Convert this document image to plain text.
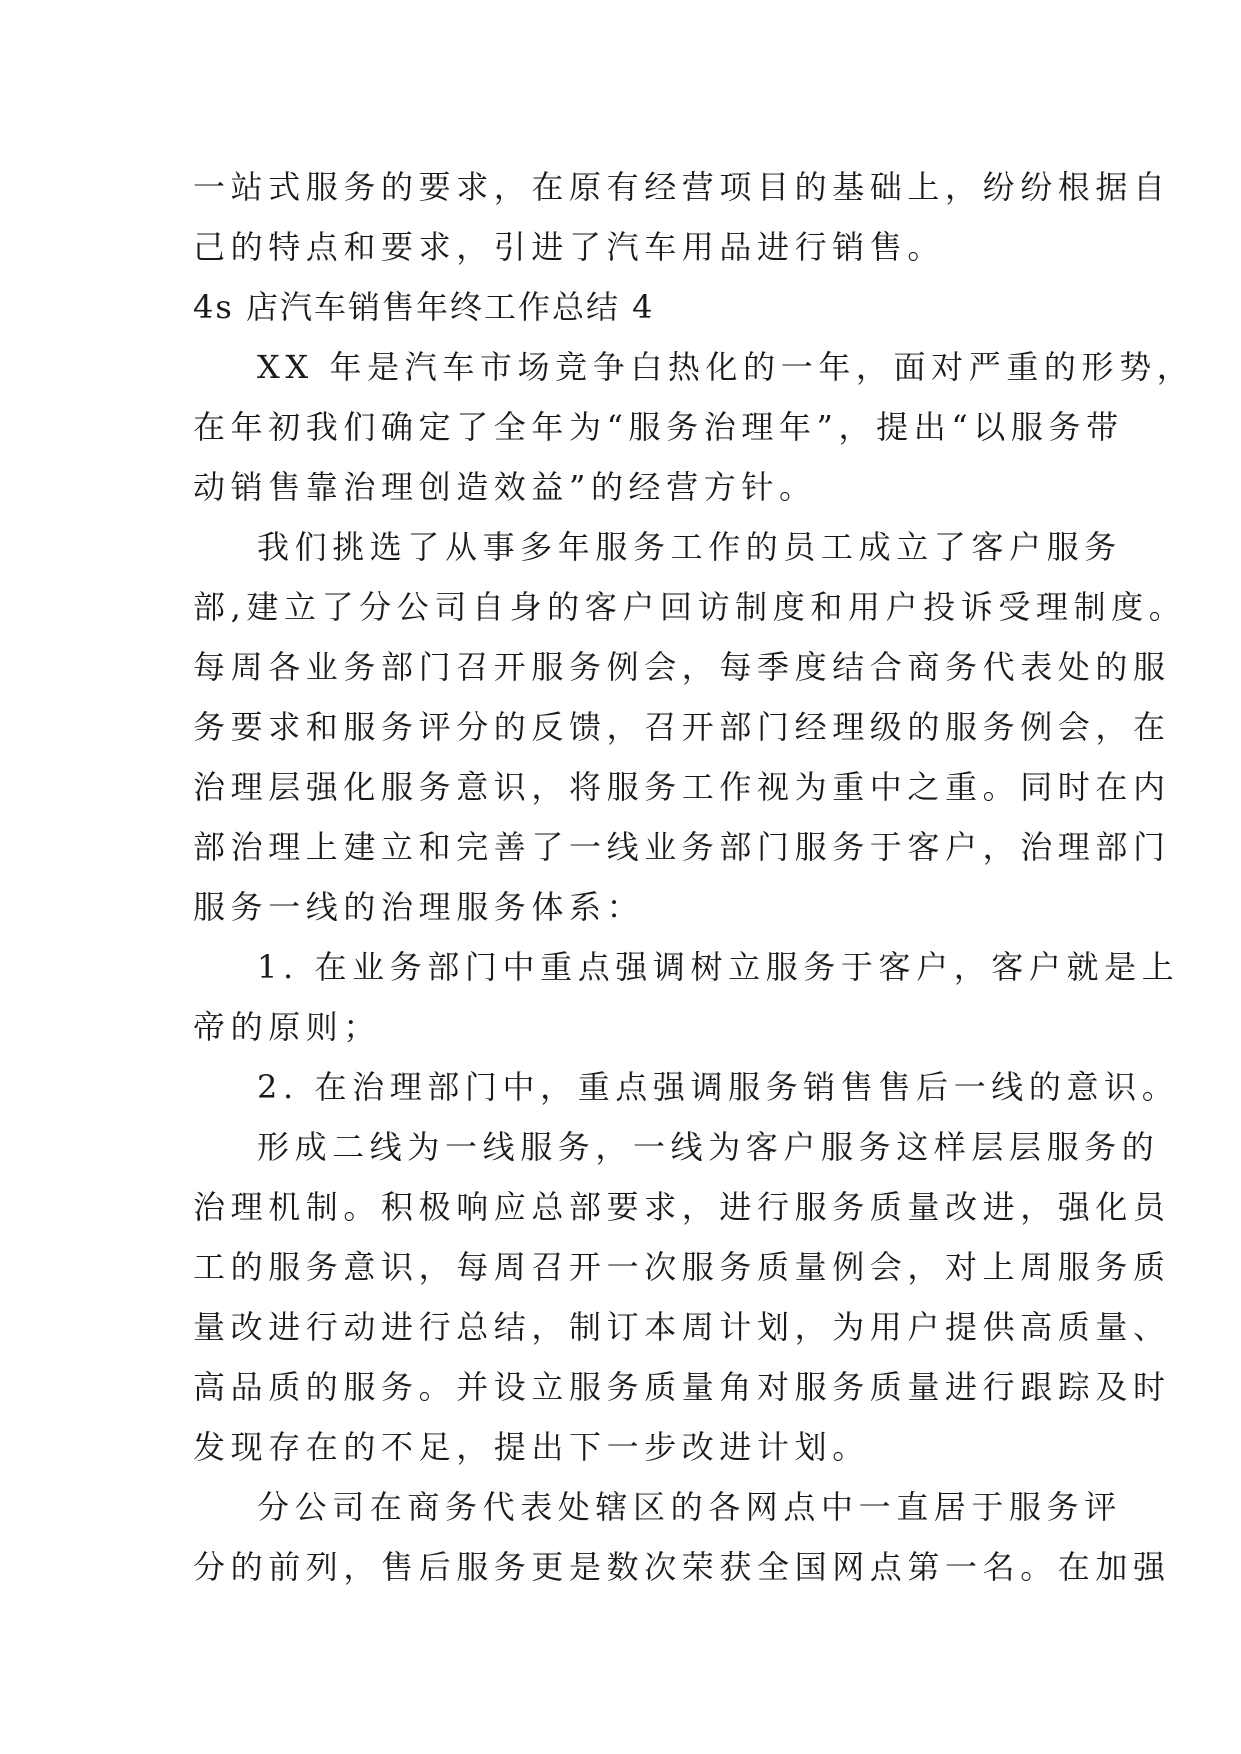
一站式服务的要求，在原有经营项目的基础上，纷纷根据自

己的特点和要求，引进了汽车用品进行销售。

4s 店汽车销售年终工作总结 4

XX 年是汽车市场竞争白热化的一年，面对严重的形势，

在年初我们确定了全年为“服务治理年”，提出“以服务带

动销售靠治理创造效益”的经营方针。

我们挑选了从事多年服务工作的员工成立了客户服务

部,建立了分公司自身的客户回访制度和用户投诉受理制度。

每周各业务部门召开服务例会，每季度结合商务代表处的服

务要求和服务评分的反馈，召开部门经理级的服务例会，在

治理层强化服务意识，将服务工作视为重中之重。同时在内

部治理上建立和完善了一线业务部门服务于客户，治理部门

服务一线的治理服务体系：

1. 在业务部门中重点强调树立服务于客户，客户就是上

帝的原则；

2. 在治理部门中，重点强调服务销售售后一线的意识。

形成二线为一线服务，一线为客户服务这样层层服务的

治理机制。积极响应总部要求，进行服务质量改进，强化员

工的服务意识，每周召开一次服务质量例会，对上周服务质

量改进行动进行总结，制订本周计划，为用户提供高质量、

高品质的服务。并设立服务质量角对服务质量进行跟踪及时

发现存在的不足，提出下一步改进计划。

分公司在商务代表处辖区的各网点中一直居于服务评

分的前列，售后服务更是数次荣获全国网点第一名。在加强
